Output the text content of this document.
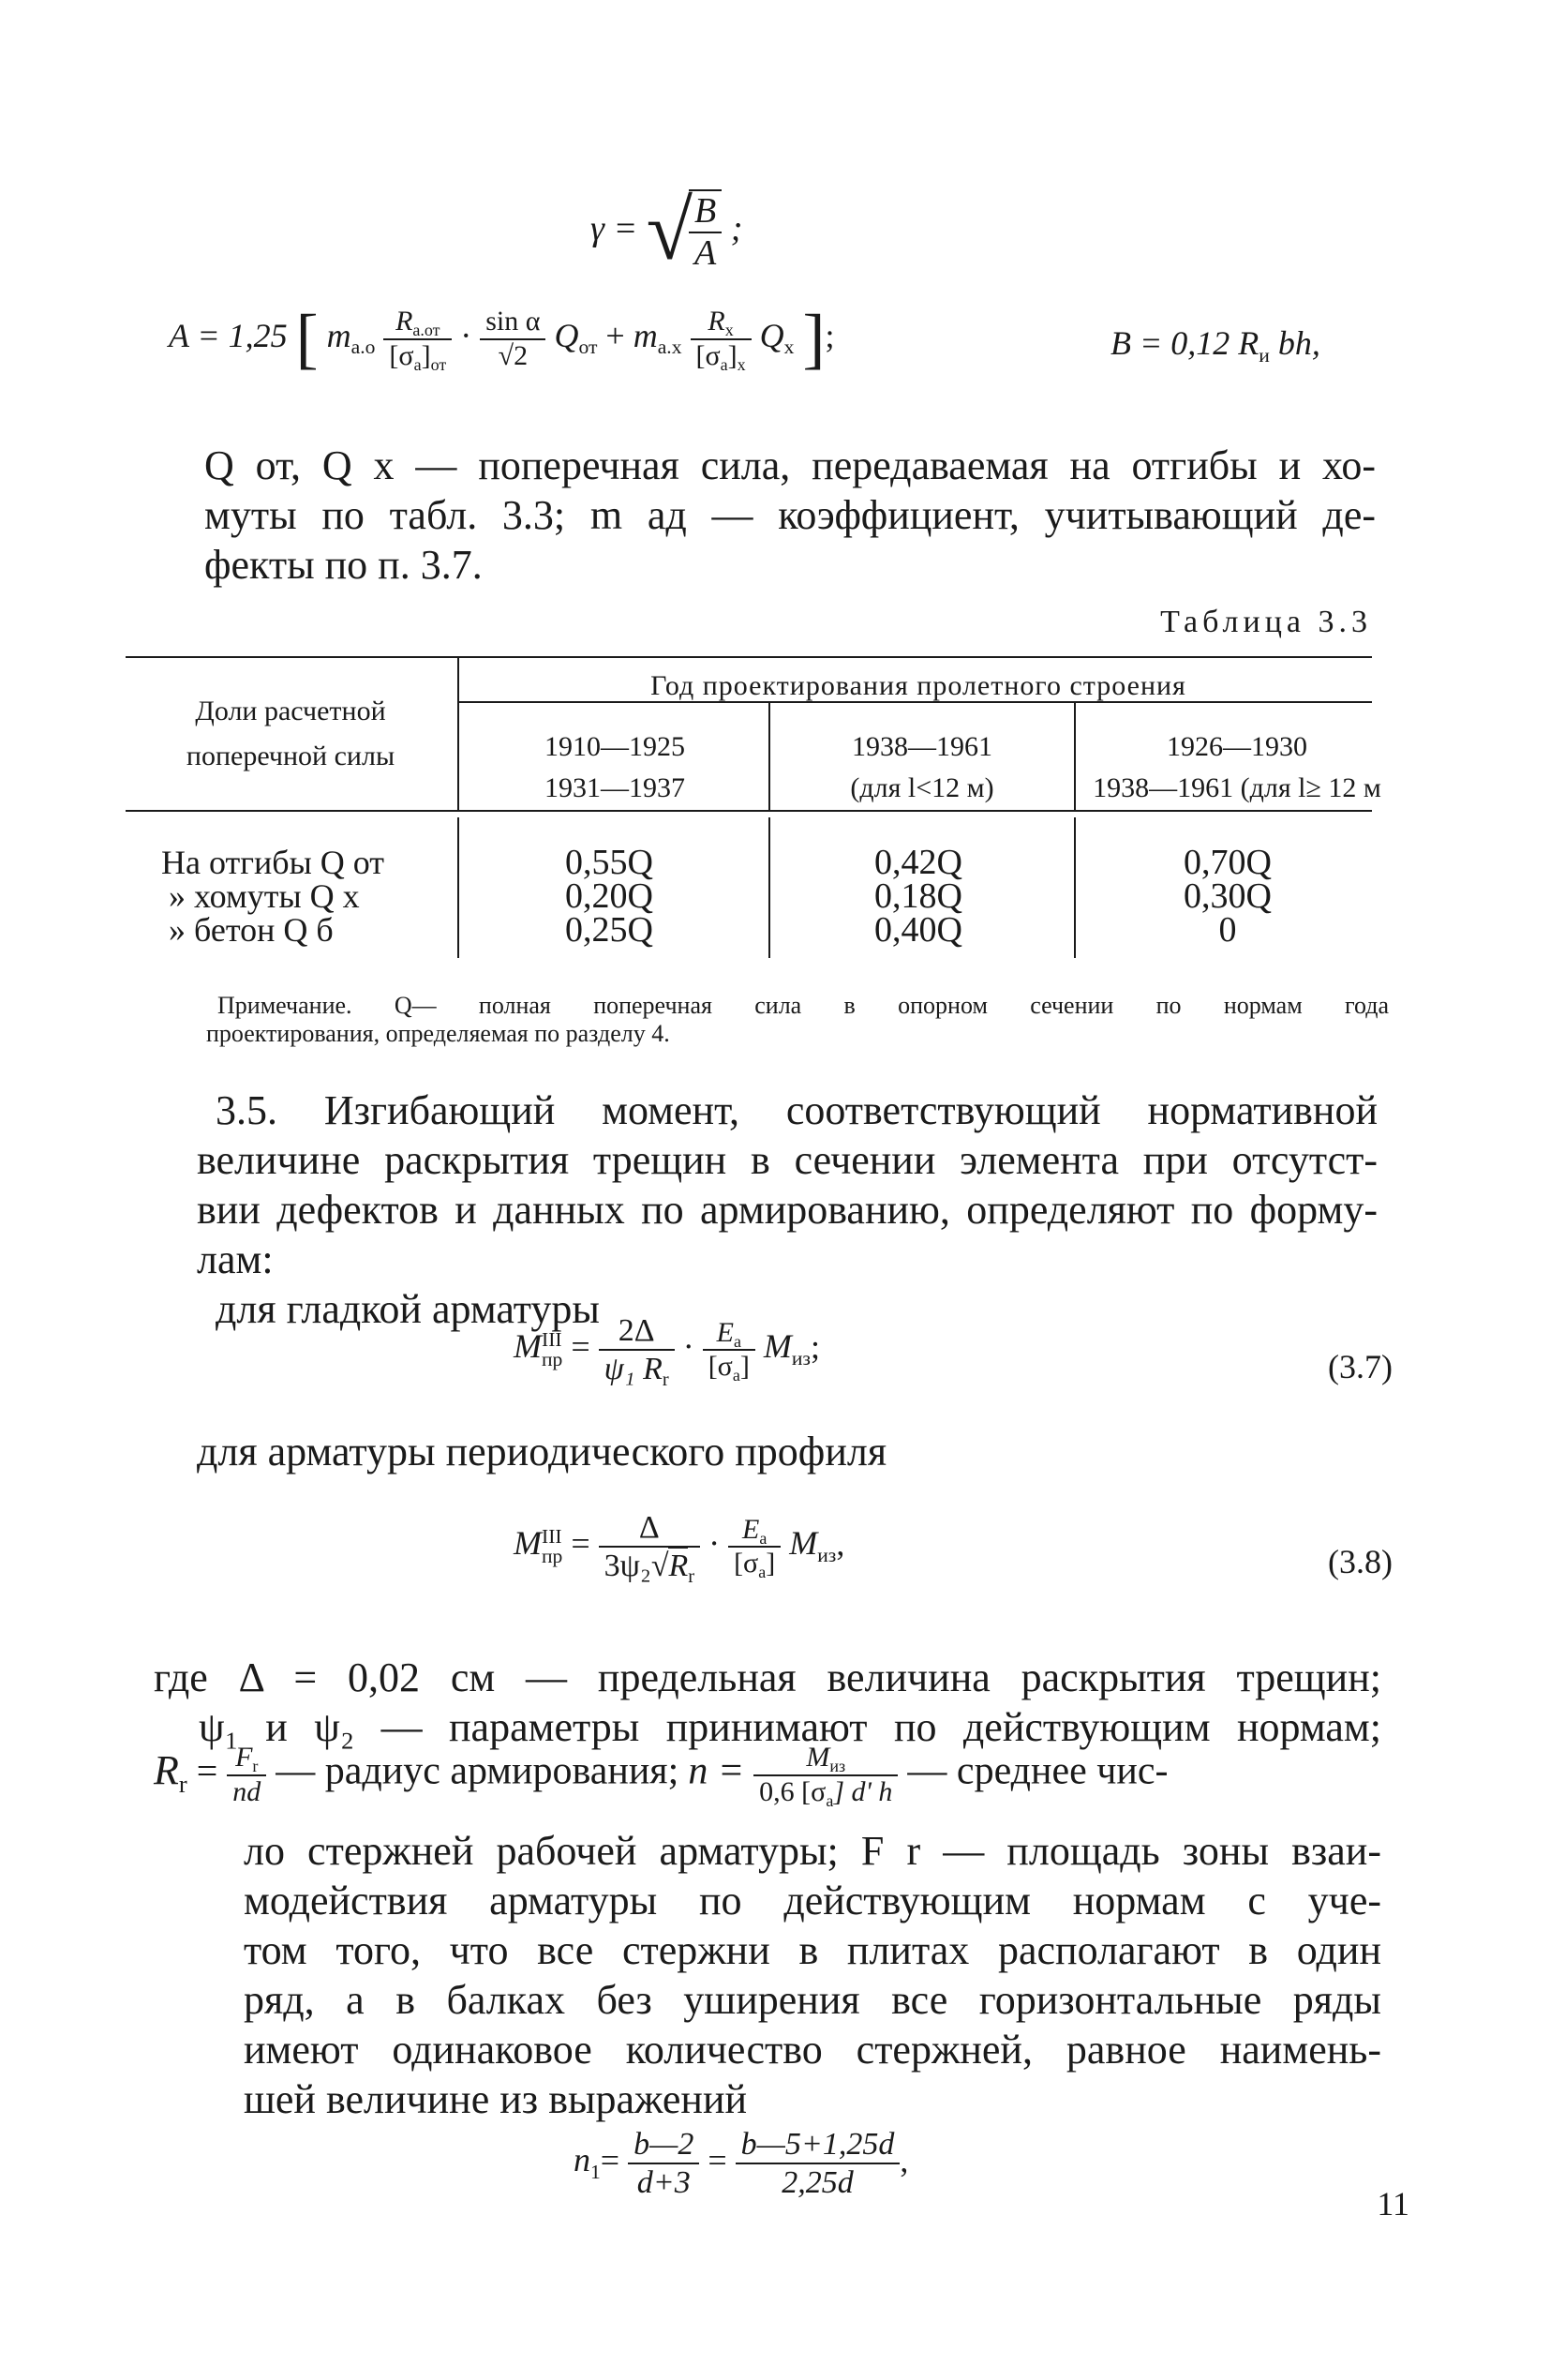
γ = √
$\frac{B}{A}$ ;
A = 1,25 [ $m_{а.о} \frac{R_{а.от}}{[\sigma_а]_{от}} \cdot \frac{\text{sin α}}{√2} Q_{от} + m_{а.х} \frac{R_х}{[\sigma_а]_х} Q_х$ ];	B = 0,12 $R_и$ bh,
Q от, Q х — поперечная сила, передаваемая на отгибы и хо-
муты по табл. 3.3; m ад — коэффициент, учитывающий де-
фекты по п. 3.7.
Таблица 3.3
Доли расчетной
поперечной силы
Год проектирования пролетного строения
1910—1925
1931—1937
1938—1961
(для l<12 м)
1926—1930
1938—1961 (для l≥ 12 м
На отгибы Q от
» хомуты Q х
» бетон Q б
0,55Q
0,20Q
0,25Q
0,42Q
0,18Q
0,40Q
0,70Q
0,30Q
0
Примечание. Q— полная поперечная сила в опорном сечении по нормам года
проектирования, определяемая по разделу 4.
3.5. Изгибающий момент, соответствующий нормативной
величине раскрытия трещин в сечении элемента при отсутст-
вии дефектов и данных по армированию, определяют по форму-
лам:
для гладкой арматуры
M III
пр = $\frac{2\Delta}{\psi_1 R_r} \cdot \frac{E_а}{[\sigma_а]} M_{из}$;
(3.7)
для арматуры периодического профиля
M III
пр = $\frac{\Delta}{3\psi_2√R_r} \cdot \frac{E_а}{[\sigma_а]} M_{из}$,	(3.8)
где Δ = 0,02 см — предельная величина раскрытия трещин;
ψ₁ и ψ₂ — параметры принимают по действующим нормам;
$R_r = \frac{F_r}{nd}$ — радиус армирования; $n = \frac{M_{из}}{0,6 [\sigma_а] d' h}$ — среднее чис-
ло стержней рабочей арматуры; F r — площадь зоны взаи-
модействия арматуры по действующим нормам с уче-
том того, что все стержни в плитах располагают в один
ряд, а в балках без уширения все горизонтальные ряды
имеют одинаковое количество стержней, равное наимень-
шей величине из выражений
$n_1= \frac{b—2}{d+3} = \frac{b—5+1,25d}{2,25d}$ ,
11
